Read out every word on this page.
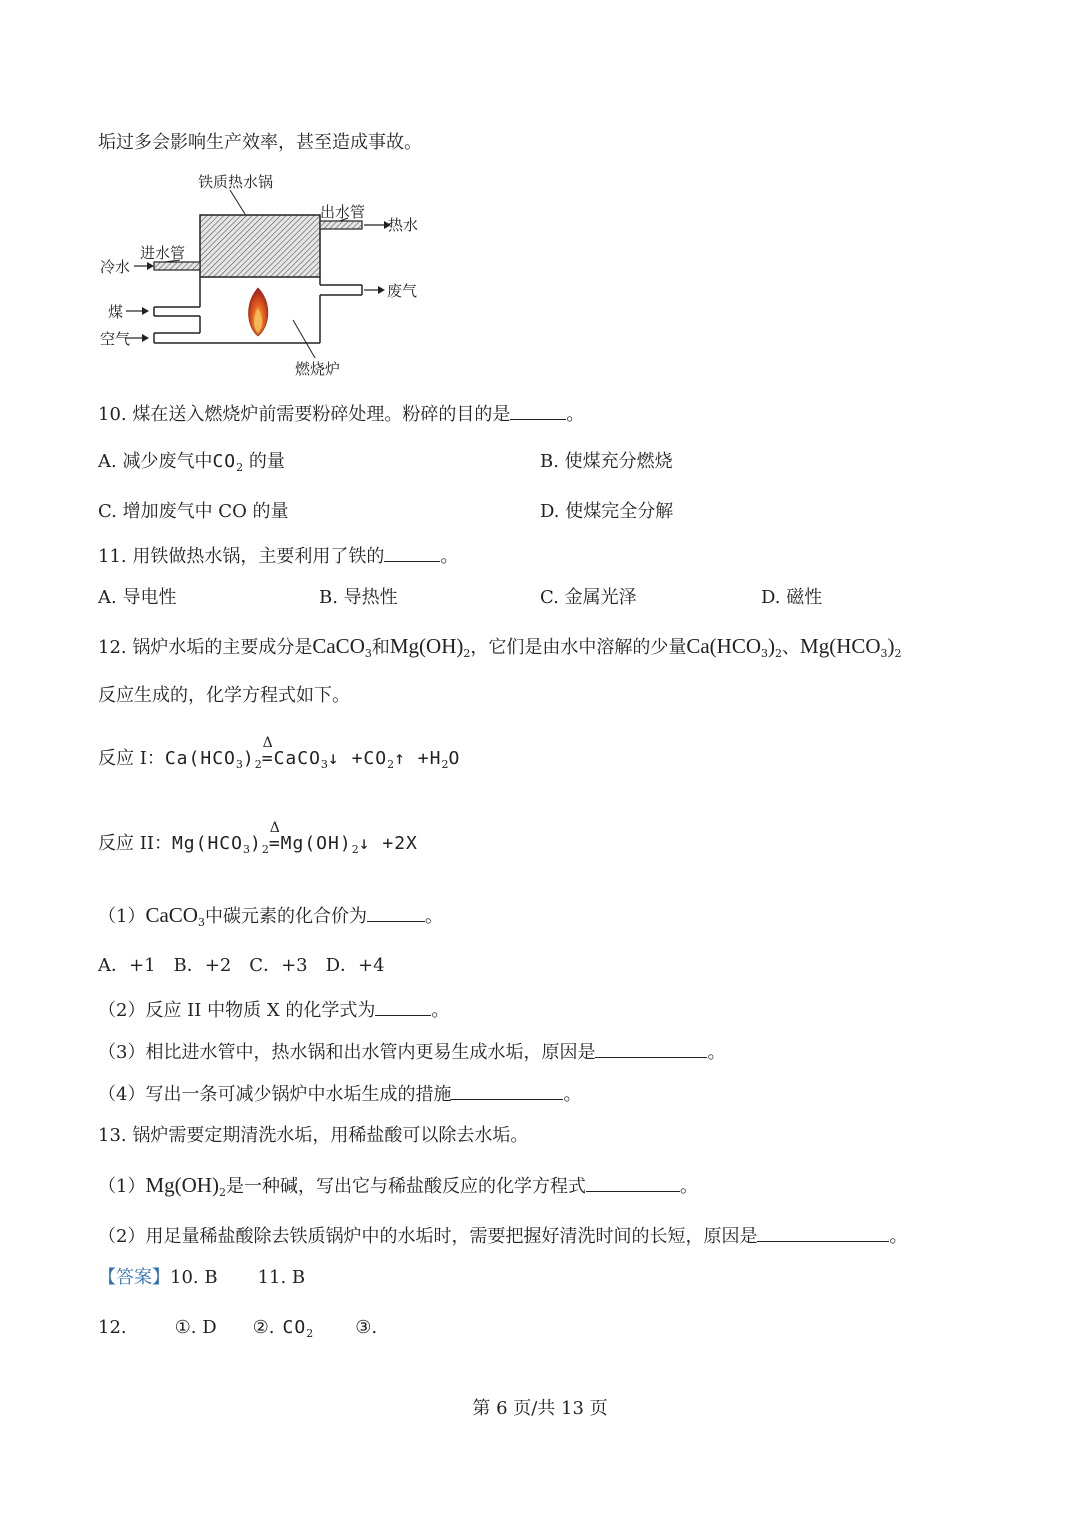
垢过多会影响生产效率，甚至造成事故。
铁质热水锅
出水管
热水
进水管
冷水
废气
煤
空气
燃烧炉
10. 煤在送入燃烧炉前需要粉碎处理。粉碎的目的是	。
A. 减少废气中$CO_2$ 的量	B. 使煤充分燃烧
C. 增加废气中 CO 的量	D. 使煤完全分解
11. 用铁做热水锅，主要利用了铁的	。
A. 导电性	B. 导热性	C. 金属光泽	D. 磁性
12. 锅炉水垢的主要成分是CaCO$_3$和$Mg(OH)_2$，它们是由水中溶解的少量$Ca(HCO_3)_2$、$Mg(HCO_3)_2$
反应生成的，化学方程式如下。
反应 I：$Ca(HCO_3)_2$
Δ
=CaCO$_3$↓ $+CO_2↑ +H_2O$
反应 II：$Mg(HCO_3)_2$
Δ
$=Mg(OH)_2↓ +2X$
（1）CaCO$_3$中碳元素的化合价为	。
A．+1　B．+2　C．+3　D．+4
（2）反应 II 中物质 X 的化学式为	。
（3）相比进水管中，热水锅和出水管内更易生成水垢，原因是	。
（4）写出一条可减少锅炉中水垢生成的措施	。
13. 锅炉需要定期清洗水垢，用稀盐酸可以除去水垢。
$(1)Mg(OH)_2$是一种碱，写出它与稀盐酸反应的化学方程式	。
（2）用足量稀盐酸除去铁质锅炉中的水垢时，需要把握好清洗时间的长短，原因是	。
【答案】10. B 11. B
12.	①. D ②. $CO_2$ ③.
第 6 页/共 13 页
